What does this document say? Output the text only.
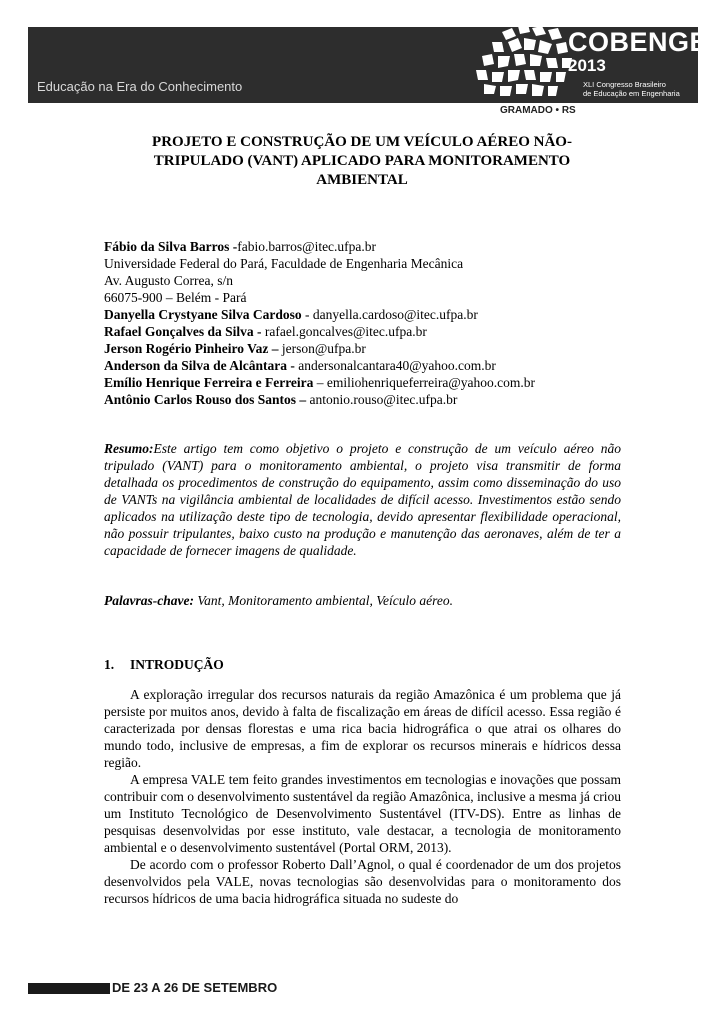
Educação na Era do Conhecimento
COBENGE
2013
XLI Congresso Brasileiro
de Educação em Engenharia
GRAMADO • RS
PROJETO E CONSTRUÇÃO DE UM VEÍCULO AÉREO NÃO-
TRIPULADO (VANT) APLICADO PARA MONITORAMENTO
AMBIENTAL
Fábio da Silva Barros -fabio.barros@itec.ufpa.br
Universidade Federal do Pará, Faculdade de Engenharia Mecânica
Av. Augusto Correa, s/n
66075-900 – Belém - Pará
Danyella Crystyane Silva Cardoso - danyella.cardoso@itec.ufpa.br
Rafael Gonçalves da Silva - rafael.goncalves@itec.ufpa.br
Jerson Rogério Pinheiro Vaz – jerson@ufpa.br
Anderson da Silva de Alcântara - andersonalcantara40@yahoo.com.br
Emílio Henrique Ferreira e Ferreira – emiliohenriqueferreira@yahoo.com.br
Antônio Carlos Rouso dos Santos – antonio.rouso@itec.ufpa.br
Resumo:Este artigo tem como objetivo o projeto e construção de um veículo aéreo não tripulado (VANT) para o monitoramento ambiental, o projeto visa transmitir de forma detalhada os procedimentos de construção do equipamento, assim como disseminação do uso de VANTs na vigilância ambiental de localidades de difícil acesso. Investimentos estão sendo aplicados na utilização deste tipo de tecnologia, devido apresentar flexibilidade operacional, não possuir tripulantes, baixo custo na produção e manutenção das aeronaves, além de ter a capacidade de fornecer imagens de qualidade.
Palavras-chave: Vant, Monitoramento ambiental, Veículo aéreo.
1. INTRODUÇÃO

A exploração irregular dos recursos naturais da região Amazônica é um problema que já persiste por muitos anos, devido à falta de fiscalização em áreas de difícil acesso. Essa região é caracterizada por densas florestas e uma rica bacia hidrográfica o que atrai os olhares do mundo todo, inclusive de empresas, a fim de explorar os recursos minerais e hídricos dessa região.

A empresa VALE tem feito grandes investimentos em tecnologias e inovações que possam contribuir com o desenvolvimento sustentável da região Amazônica, inclusive a mesma já criou um Instituto Tecnológico de Desenvolvimento Sustentável (ITV-DS). Entre as linhas de pesquisas desenvolvidas por esse instituto, vale destacar, a tecnologia de monitoramento ambiental e o desenvolvimento sustentável (Portal ORM, 2013).

De acordo com o professor Roberto Dall’Agnol, o qual é coordenador de um dos projetos desenvolvidos pela VALE, novas tecnologias são desenvolvidas para o monitoramento dos recursos hídricos de uma bacia hidrográfica situada no sudeste do

DE 23 A 26 DE SETEMBRO
